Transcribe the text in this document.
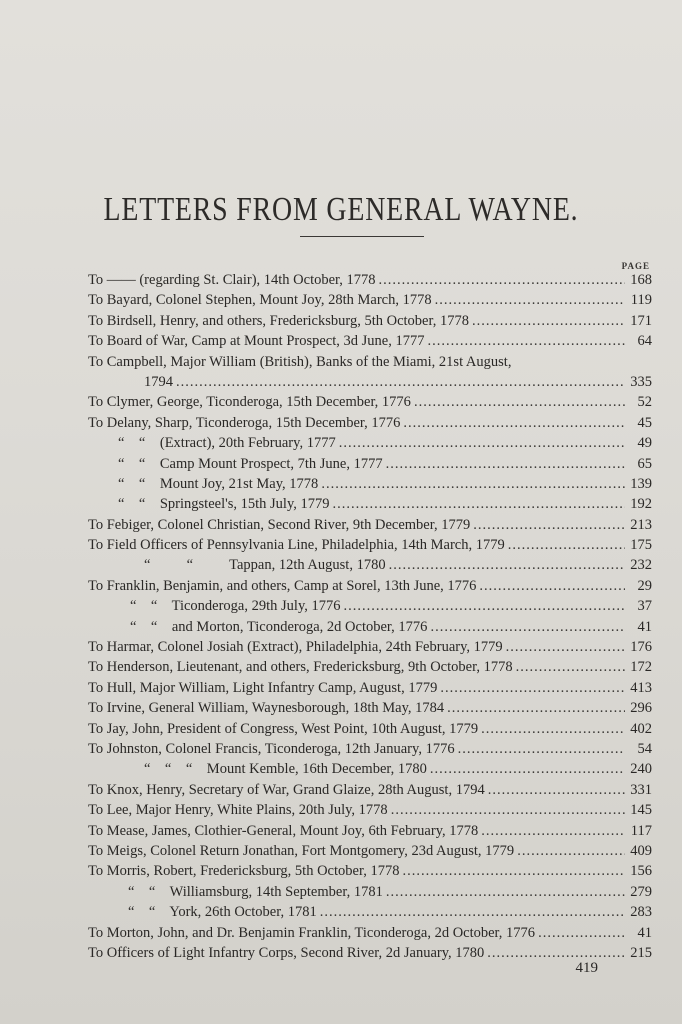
LETTERS FROM GENERAL WAYNE.
PAGE
To —— (regarding St. Clair), 14th October, 1778 .....	168
To Bayard, Colonel Stephen, Mount Joy, 28th March, 1778 .....	119
To Birdsell, Henry, and others, Fredericksburg, 5th October, 1778 .....	171
To Board of War, Camp at Mount Prospect, 3d June, 1777 .....	64
To Campbell, Major William (British), Banks of the Miami, 21st August,
1794 .....	335
To Clymer, George, Ticonderoga, 15th December, 1776 .....	52
To Delany, Sharp, Ticonderoga, 15th December, 1776 .....	45
“    “    (Extract), 20th February, 1777 .....	49
“    “    Camp Mount Prospect, 7th June, 1777 .....	65
“    “    Mount Joy, 21st May, 1778 .....	139
“    “    Springsteel's, 15th July, 1779 .....	192
To Febiger, Colonel Christian, Second River, 9th December, 1779 .....	213
To Field Officers of Pennsylvania Line, Philadelphia, 14th March, 1779 .....	175
“          “          Tappan, 12th August, 1780 .....	232
To Franklin, Benjamin, and others, Camp at Sorel, 13th June, 1776 .....	29
“    “    Ticonderoga, 29th July, 1776 .....	37
“    “    and Morton, Ticonderoga, 2d October, 1776 .....	41
To Harmar, Colonel Josiah (Extract), Philadelphia, 24th February, 1779 .....	176
To Henderson, Lieutenant, and others, Fredericksburg, 9th October, 1778 .....	172
To Hull, Major William, Light Infantry Camp, August, 1779 .....	413
To Irvine, General William, Waynesborough, 18th May, 1784 .....	296
To Jay, John, President of Congress, West Point, 10th August, 1779 .....	402
To Johnston, Colonel Francis, Ticonderoga, 12th January, 1776 .....	54
“    “    “    Mount Kemble, 16th December, 1780 .....	240
To Knox, Henry, Secretary of War, Grand Glaize, 28th August, 1794 .....	331
To Lee, Major Henry, White Plains, 20th July, 1778 .....	145
To Mease, James, Clothier-General, Mount Joy, 6th February, 1778 .....	117
To Meigs, Colonel Return Jonathan, Fort Montgomery, 23d August, 1779 .....	409
To Morris, Robert, Fredericksburg, 5th October, 1778 .....	156
“    “    Williamsburg, 14th September, 1781 .....	279
“    “    York, 26th October, 1781 .....	283
To Morton, John, and Dr. Benjamin Franklin, Ticonderoga, 2d October, 1776 .....	41
To Officers of Light Infantry Corps, Second River, 2d January, 1780 .....	215
419
